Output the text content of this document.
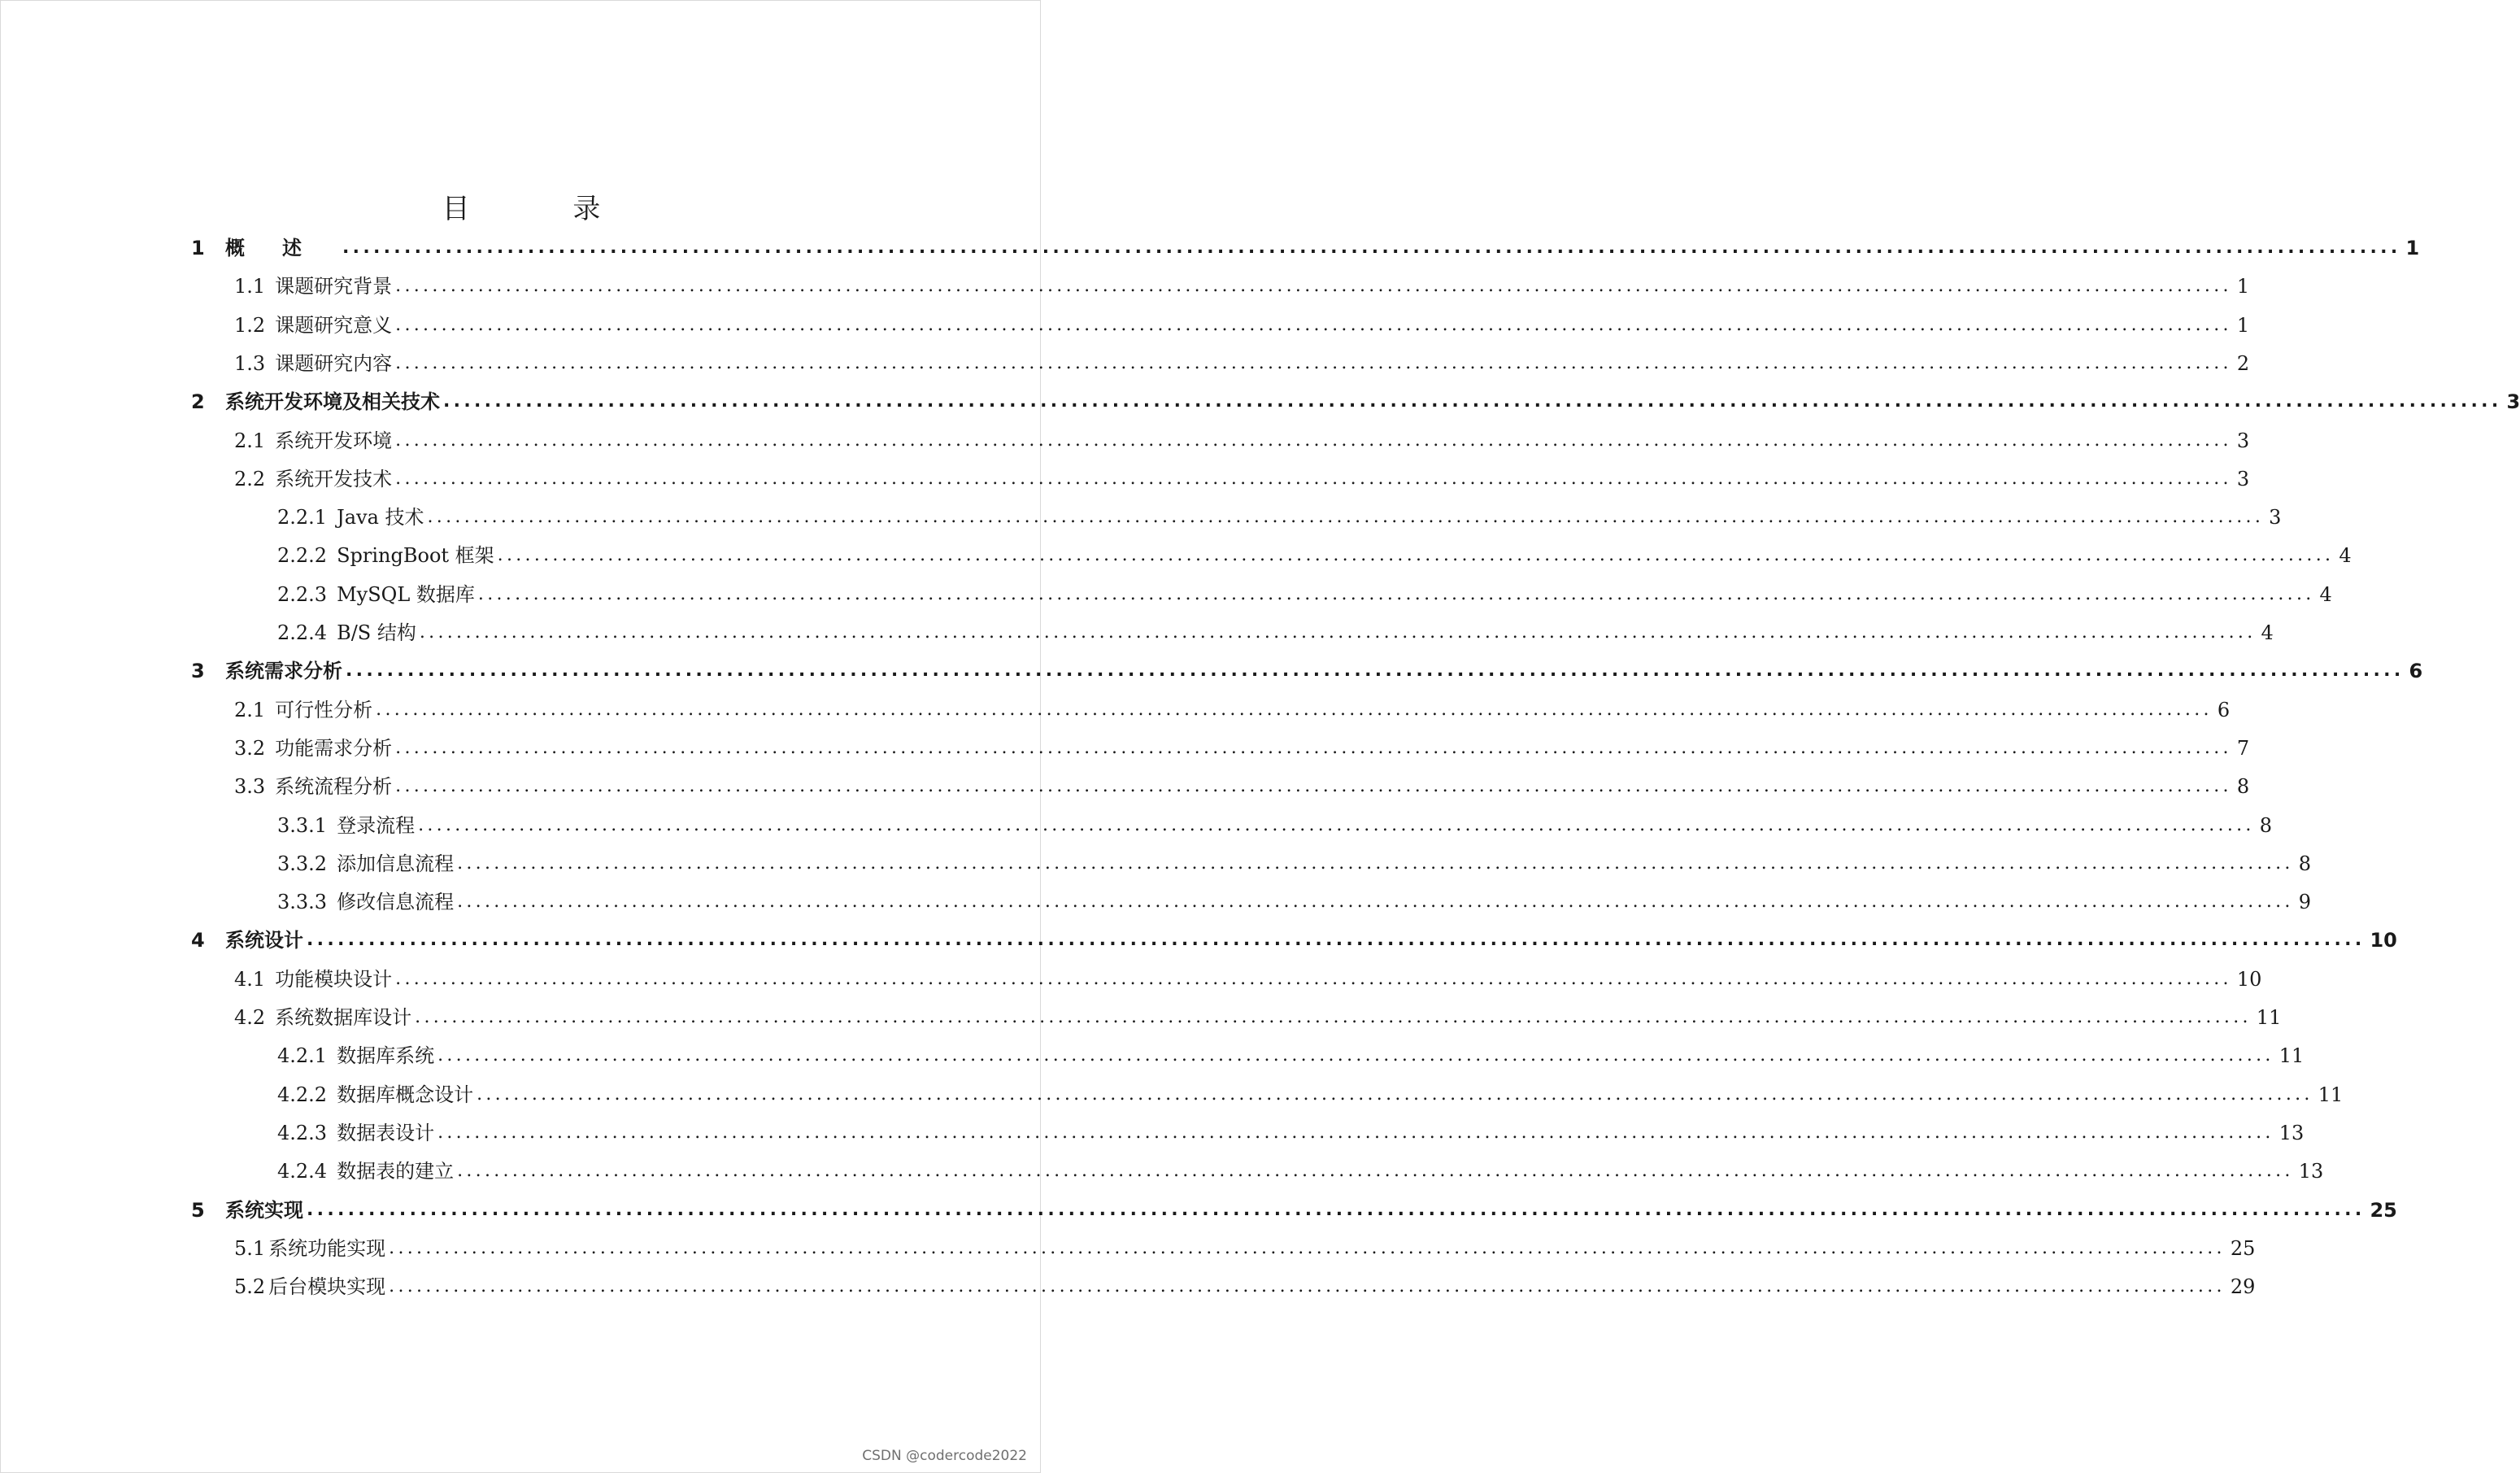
目 录
1	概述 ........................................................................................................................................................................................................ 1
1.1 课题研究背景 ........................................................................................................................................................................................................ 1
1.2 课题研究意义 ........................................................................................................................................................................................................ 1
1.3 课题研究内容 ........................................................................................................................................................................................................ 2
2	系统开发环境及相关技术 ........................................................................................................................................................................................................ 3
2.1 系统开发环境 ........................................................................................................................................................................................................ 3
2.2 系统开发技术 ........................................................................................................................................................................................................ 3
2.2.1 Java 技术 ........................................................................................................................................................................................................ 3
2.2.2 SpringBoot 框架 ........................................................................................................................................................................................................ 4
2.2.3 MySQL 数据库 ........................................................................................................................................................................................................ 4
2.2.4 B/S 结构 ........................................................................................................................................................................................................ 4
3	系统需求分析 ........................................................................................................................................................................................................ 6
2.1 可行性分析 ........................................................................................................................................................................................................ 6
3.2 功能需求分析 ........................................................................................................................................................................................................ 7
3.3 系统流程分析 ........................................................................................................................................................................................................ 8
3.3.1 登录流程 ........................................................................................................................................................................................................ 8
3.3.2 添加信息流程 ........................................................................................................................................................................................................ 8
3.3.3 修改信息流程 ........................................................................................................................................................................................................ 9
4	系统设计 ........................................................................................................................................................................................................ 10
4.1 功能模块设计 ........................................................................................................................................................................................................ 10
4.2 系统数据库设计 ........................................................................................................................................................................................................ 11
4.2.1 数据库系统 ........................................................................................................................................................................................................ 11
4.2.2 数据库概念设计 ........................................................................................................................................................................................................ 11
4.2.3 数据表设计 ........................................................................................................................................................................................................ 13
4.2.4 数据表的建立 ........................................................................................................................................................................................................ 13
5	系统实现 ........................................................................................................................................................................................................ 25
5.1 系统功能实现 ........................................................................................................................................................................................................ 25
5.2 后台模块实现 ........................................................................................................................................................................................................ 29
CSDN @codercode2022
